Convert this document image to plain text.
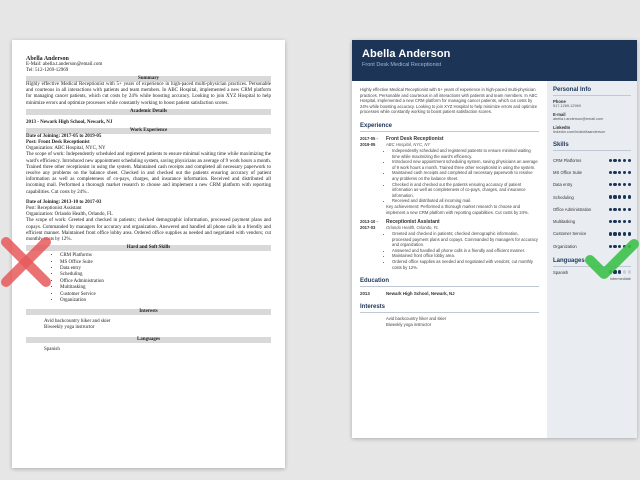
Abella Anderson
E-Mail: abella.t.anderson@email.com
Tel: 512-1269-12969
Summary
Highly effective Medical Receptionist with 5+ years of experience in high-paced multi-physician practices. Personable and courteous in all interactions with patients and team members. In ABC Hospital, implemented a new CRM platform for managing cancer patients, which cut costs by 24% while boosting accuracy. Looking to join XYZ Hospital to help minimize errors and optimize processes while constantly working to boost patient satisfaction scores.
Academic Details
2013 - Newark High School, Newark, NJ
Work Experience
Date of Joining: 2017-05 to 2019-05
Post: Front Desk Receptionist
Organization: ABC Hospital, NYC, NY
The scope of work: Independently scheduled and registered patients to ensure minimal waiting time while maximizing the ward's efficiency. Introduced new appointment scheduling system, saving physicians an average of 9 work hours a month. Trained three other receptionist in using the system. Maintained cash receipts and completed all necessary paperwork to resolve any problems on the balance sheet. Checked in and checked out the patients ensuring accuracy of patient information as well as completeness of co-pays, charges, and insurance information. Received and distributed all incoming mail. Performed a thorough market research to choose and implement a new CRM platform with reporting capabilities. Cut costs by 24%..
Date of Joining: 2013-10 to 2017-03
Post: Receptionist Assistant
Organization: Orlando Health, Orlando, FL
The scope of work: Greeted and checked in patients; checked demographic information, processed payment plans and copays. Commanded by managers for accuracy and organization. Answered and handled all phone calls in a friendly and efficient manner. Maintained front office lobby area. Ordered office supplies as needed and negotiated with vendors; cut monthly costs by 12%.
Hard and Soft Skills
• CRM Platforms
• MS Office Suite
• Data entry
• Scheduling
• Office Administration
• Multitasking
• Customer Service
• Organization
Interests
Avid backcountry hiker and skier
Biweekly yoga instructor
Languages
Spanish
Abella Anderson
Front Desk Medical Receptionist
Highly effective Medical Receptionist with 5+ years of experience in high-paced multi-physician practices. Personable and courteous in all interactions with patients and team members. In ABC Hospital, implemented a new CRM platform for managing cancer patients, which cut costs by 24% while boosting accuracy. Looking to join XYZ Hospital to help minimize errors and optimize processes while constantly working to boost patient satisfaction scores.
Experience
2017-05 -
2019-05
Front Desk Receptionist
ABC Hospital, NYC, NY
• Independently scheduled and registered patients to ensure minimal waiting time while maximizing the ward's efficiency.
• Introduced new appointment scheduling system, saving physicians an average of 9 work hours a month. Trained three other receptionist in using the system.
• Maintained cash receipts and completed all necessary paperwork to resolve any problems on the balance sheet.
• Checked in and checked out the patients ensuring accuracy of patient information as well as completeness of co-pays, charges, and insurance information.
• Received and distributed all incoming mail.
Key achievement: Performed a thorough market research to choose and implement a new CRM platform with reporting capabilities. Cut costs by 24%.
2013-10 -
2017-03
Receptionist Assistant
Orlando Health, Orlando, FL
• Greeted and checked in patients; checked demographic information, processed payment plans and copays. Commanded by managers for accuracy and organization.
• Answered and handled all phone calls in a friendly and efficient manner.
• Maintained front office lobby area.
• Ordered office supplies as needed and negotiated with vendors; cut monthly costs by 12%.
Education
2013	Newark High School, Newark, NJ
Interests
Avid backcountry hiker and skier
Biweekly yoga instructor
Personal Info
Phone
517-1269-12969
E-mail
abella.t.anderson@email.com
LinkedIn
linkedin.com/in/abellaanderson
Skills
CRM Platforms
MS Office Suite
Data entry
Scheduling
Office Administration
Multitasking
Customer Service
Organization
Languages
Spanish
Intermediate
